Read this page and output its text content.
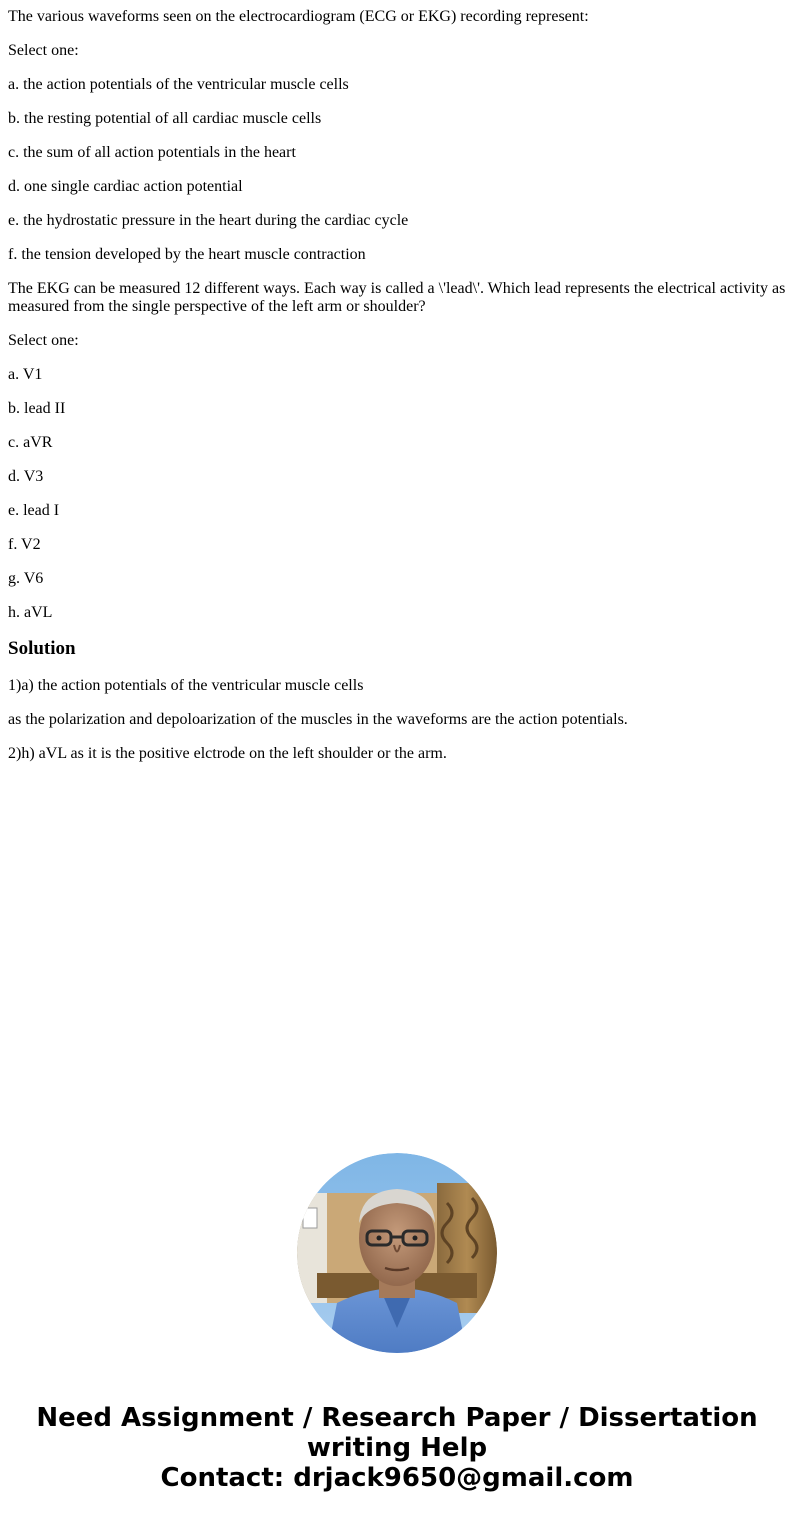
The various waveforms seen on the electrocardiogram (ECG or EKG) recording represent:

Select one:

a. the action potentials of the ventricular muscle cells

b. the resting potential of all cardiac muscle cells

c. the sum of all action potentials in the heart

d. one single cardiac action potential

e. the hydrostatic pressure in the heart during the cardiac cycle

f. the tension developed by the heart muscle contraction

The EKG can be measured 12 different ways. Each way is called a \'lead\'. Which lead represents the electrical activity as measured from the single perspective of the left arm or shoulder?

Select one:

a. V1

b. lead II

c. aVR

d. V3

e. lead I

f. V2

g. V6

h. aVL

Solution

1)a) the action potentials of the ventricular muscle cells

as the polarization and depoloarization of the muscles in the waveforms are the action potentials.

2)h) aVL as it is the positive elctrode on the left shoulder or the arm.

Need Assignment / Research Paper / Dissertation
writing Help
Contact: drjack9650@gmail.com
